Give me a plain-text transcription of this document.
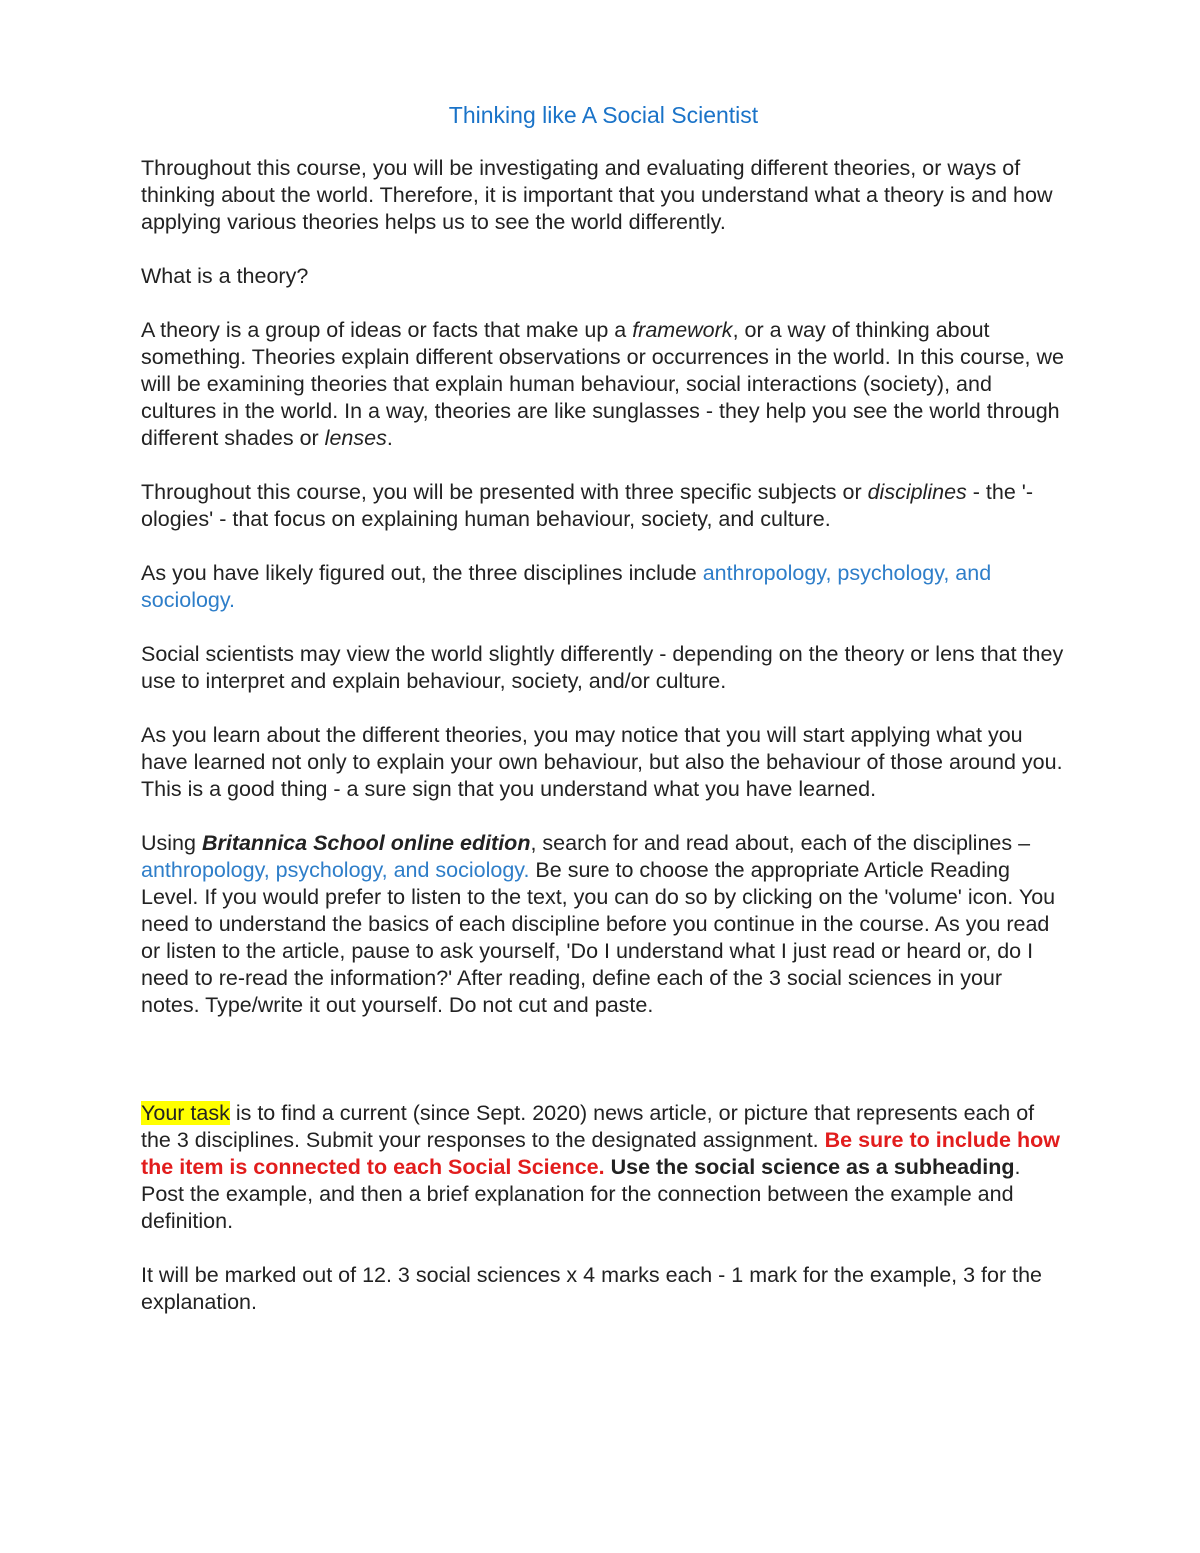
Thinking like A Social Scientist

Throughout this course, you will be investigating and evaluating different theories, or ways of thinking about the world. Therefore, it is important that you understand what a theory is and how applying various theories helps us to see the world differently.

What is a theory?

A theory is a group of ideas or facts that make up a framework, or a way of thinking about something. Theories explain different observations or occurrences in the world. In this course, we will be examining theories that explain human behaviour, social interactions (society), and cultures in the world. In a way, theories are like sunglasses - they help you see the world through different shades or lenses.

Throughout this course, you will be presented with three specific subjects or disciplines - the '-ologies' - that focus on explaining human behaviour, society, and culture.

As you have likely figured out, the three disciplines include anthropology, psychology, and sociology.

Social scientists may view the world slightly differently - depending on the theory or lens that they use to interpret and explain behaviour, society, and/or culture.

As you learn about the different theories, you may notice that you will start applying what you have learned not only to explain your own behaviour, but also the behaviour of those around you. This is a good thing - a sure sign that you understand what you have learned.

Using Britannica School online edition, search for and read about, each of the disciplines – anthropology, psychology, and sociology. Be sure to choose the appropriate Article Reading Level. If you would prefer to listen to the text, you can do so by clicking on the 'volume' icon. You need to understand the basics of each discipline before you continue in the course. As you read or listen to the article, pause to ask yourself, 'Do I understand what I just read or heard or, do I need to re-read the information?' After reading, define each of the 3 social sciences in your notes. Type/write it out yourself. Do not cut and paste.

Your task is to find a current (since Sept. 2020) news article, or picture that represents each of the 3 disciplines. Submit your responses to the designated assignment. Be sure to include how the item is connected to each Social Science. Use the social science as a subheading. Post the example, and then a brief explanation for the connection between the example and definition.

It will be marked out of 12. 3 social sciences x 4 marks each - 1 mark for the example, 3 for the explanation.
